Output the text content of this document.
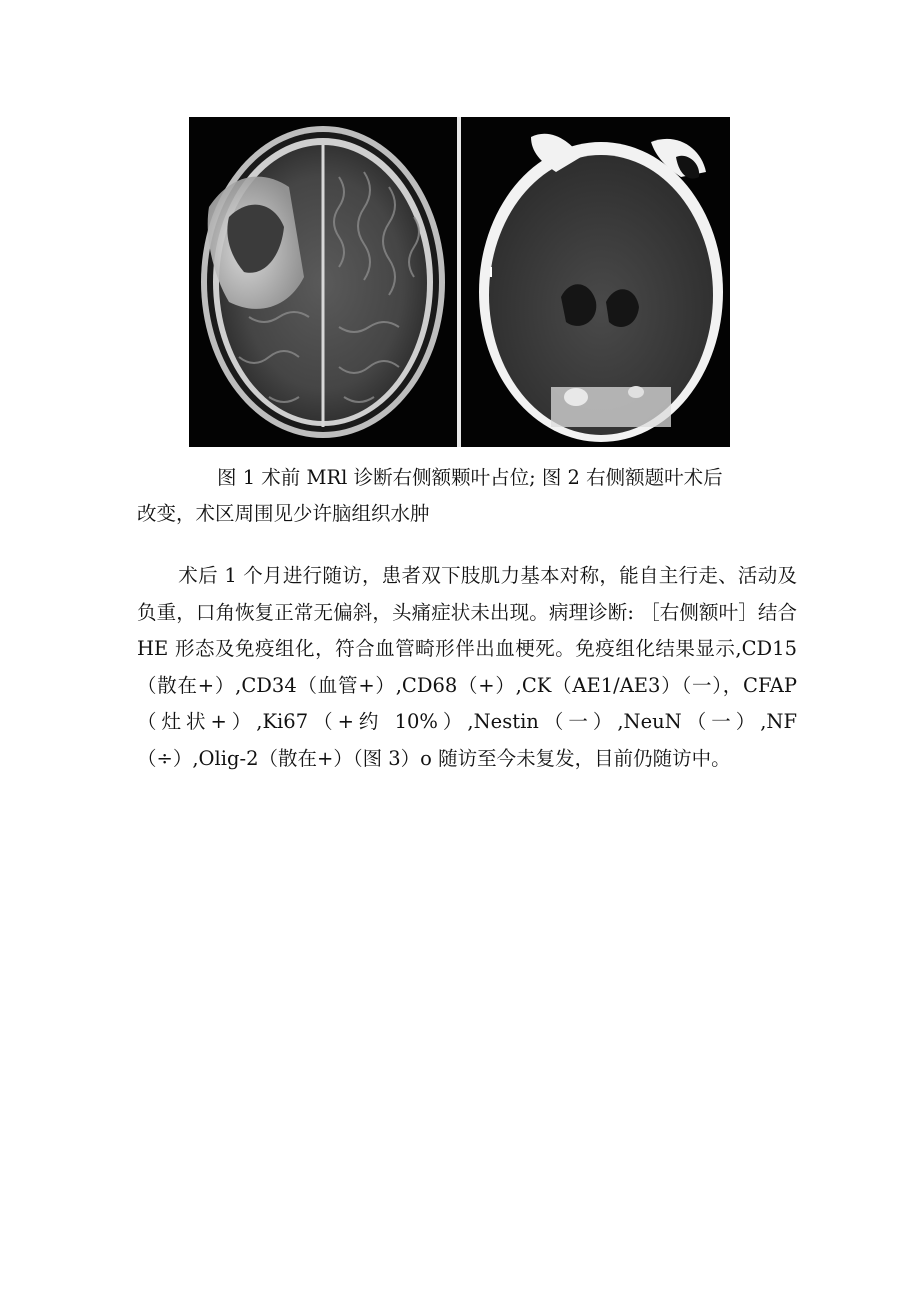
图 1 术前 MRl 诊断右侧额颗叶占位; 图 2 右侧额题叶术后
改变，术区周围见少许脑组织水肿
术后 1 个月进行随访，患者双下肢肌力基本对称，能自主行走、活动及负重，口角恢复正常无偏斜，头痛症状未出现。病理诊断: ［右侧额叶］结合 HE 形态及免疫组化，符合血管畸形伴出血梗死。免疫组化结果显示,CD15（散在+）,CD34（血管+）,CD68（+）,CK（AE1/AE3）（一），CFAP（灶状+）,Ki67（+约 10%）,Nestin（一）,NeuN（一）,NF（÷）,Olig-2（散在+）（图 3）o 随访至今未复发，目前仍随访中。
